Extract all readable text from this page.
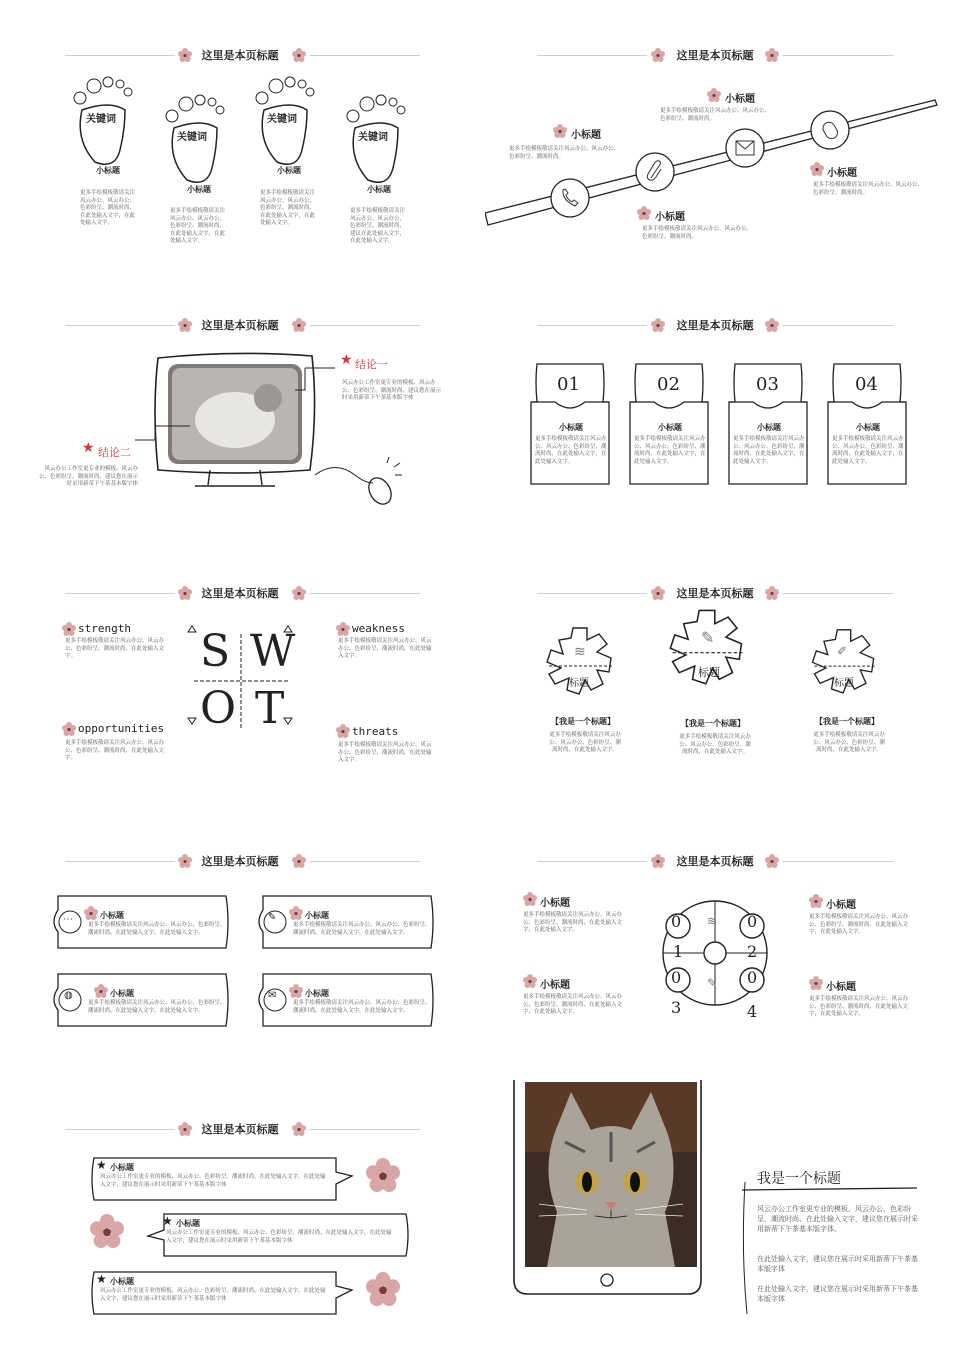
这里是本页标题
关键词
关键词
关键词
关键词
小标题
更多手绘模板敬请关注风云办公、风云办公、色彩纷呈、潮流时尚、在此处输入文字，在此处输入文字。
小标题
更多手绘模板敬请关注风云办公、风云办公、色彩纷呈、潮流时尚、在此处输入文字，在此处输入文字。
小标题
更多手绘模板敬请关注风云办公、风云办公、色彩纷呈、潮流时尚、在此处输入文字，在此处输入文字。
小标题
更多手绘模板敬请关注风云办公、风云办公、色彩纷呈、潮流时尚、建议在此处输入文字，在此处输入文字。
这里是本页标题
小标题
更多手绘模板敬请关注风云办公、风云办公、色彩纷呈、潮流时尚。
小标题
更多手绘模板敬请关注风云办公、风云办公、色彩纷呈、潮流时尚。
小标题
更多手绘模板敬请关注风云办公、风云办公、色彩纷呈、潮流时尚。
小标题
更多手绘模板敬请关注风云办公、风云办公、色彩纷呈、潮流时尚。
这里是本页标题
★ 结论一
风云办公工作室更专业的模板、风云办公、色彩纷呈、潮流时尚、建议您在展示时采用新蒂下午茶基本版字体
★ 结论二
风云办公工作室更专业的模板、风云办公、色彩纷呈、潮流时尚、建议您在展示时采用新蒂下午茶基本版字体
这里是本页标题
01
小标题
更多手绘模板敬请关注风云办公、风云办公、色彩纷呈、潮流时尚、在此处输入文字，在此处输入文字。
02
小标题
更多手绘模板敬请关注风云办公、风云办公、色彩纷呈、潮流时尚、在此处输入文字，在此处输入文字。
03
小标题
更多手绘模板敬请关注风云办公、风云办公、色彩纷呈、潮流时尚、在此处输入文字，在此处输入文字。
04
小标题
更多手绘模板敬请关注风云办公、风云办公、色彩纷呈、潮流时尚、在此处输入文字，在此处输入文字。
这里是本页标题
S W
O T
strength
更多手绘模板敬请关注风云办公、风云办公、色彩纷呈、潮流时尚、在此处输入文字。
weakness
更多手绘模板敬请关注风云办公、风云办公、色彩纷呈、潮流时尚、在此处输入文字。
opportunities
更多手绘模板敬请关注风云办公、风云办公、色彩纷呈、潮流时尚、在此处输入文字。
threats
更多手绘模板敬请关注风云办公、风云办公、色彩纷呈、潮流时尚、在此处输入文字。
这里是本页标题
≋
标题
✎
标题
✐
标题
【我是一个标题】
更多手绘模板敬请关注风云办公、风云办公、色彩纷呈、潮流时尚、在此处输入文字。
【我是一个标题】
更多手绘模板敬请关注风云办公、风云办公、色彩纷呈、潮流时尚、在此处输入文字。
【我是一个标题】
更多手绘模板敬请关注风云办公、风云办公、色彩纷呈、潮流时尚、在此处输入文字。
这里是本页标题
⋯	小标题
更多手绘模板敬请关注风云办公、风云办公、色彩纷呈、潮流时尚、在此处输入文字，在此处输入文字。
✎	小标题
更多手绘模板敬请关注风云办公、风云办公、色彩纷呈、潮流时尚、在此处输入文字，在此处输入文字。
◍	小标题
更多手绘模板敬请关注风云办公、风云办公、色彩纷呈、潮流时尚、在此处输入文字，在此处输入文字。
✉	小标题
更多手绘模板敬请关注风云办公、风云办公、色彩纷呈、潮流时尚、在此处输入文字，在此处输入文字。
这里是本页标题
0
1
0
2
0
3
0
4
≋
✎
小标题
更多手绘模板敬请关注风云办公、风云办公、色彩纷呈、潮流时尚、在此处输入文字，在此处输入文字。
小标题
更多手绘模板敬请关注风云办公、风云办公、色彩纷呈、潮流时尚、在此处输入文字，在此处输入文字。
小标题
更多手绘模板敬请关注风云办公、风云办公、色彩纷呈、潮流时尚、在此处输入文字，在此处输入文字。
小标题
更多手绘模板敬请关注风云办公、风云办公、色彩纷呈、潮流时尚、在此处输入文字，在此处输入文字。
这里是本页标题
★ 小标题
风云办公工作室更专业的模板、风云办公、色彩纷呈、潮流时尚、在此处输入文字，在此处输入文字，建议您在展示时采用新蒂下午茶基本版字体
★ 小标题
风云办公工作室更专业的模板、风云办公、色彩纷呈、潮流时尚、在此处输入文字，在此处输入文字，建议您在展示时采用新蒂下午茶基本版字体
★ 小标题
风云办公工作室更专业的模板、风云办公、色彩纷呈、潮流时尚、在此处输入文字，在此处输入文字，建议您在展示时采用新蒂下午茶基本版字体
我是一个标题
风云办公工作室更专业的模板、风云办公、色彩纷呈、潮流时尚、在此处输入文字，建议您在展示时采用新蒂下午茶基本版字体。
在此处输入文字，建议您在展示时采用新蒂下午茶基本版字体
在此处输入文字，建议您在展示时采用新蒂下午茶基本版字体
